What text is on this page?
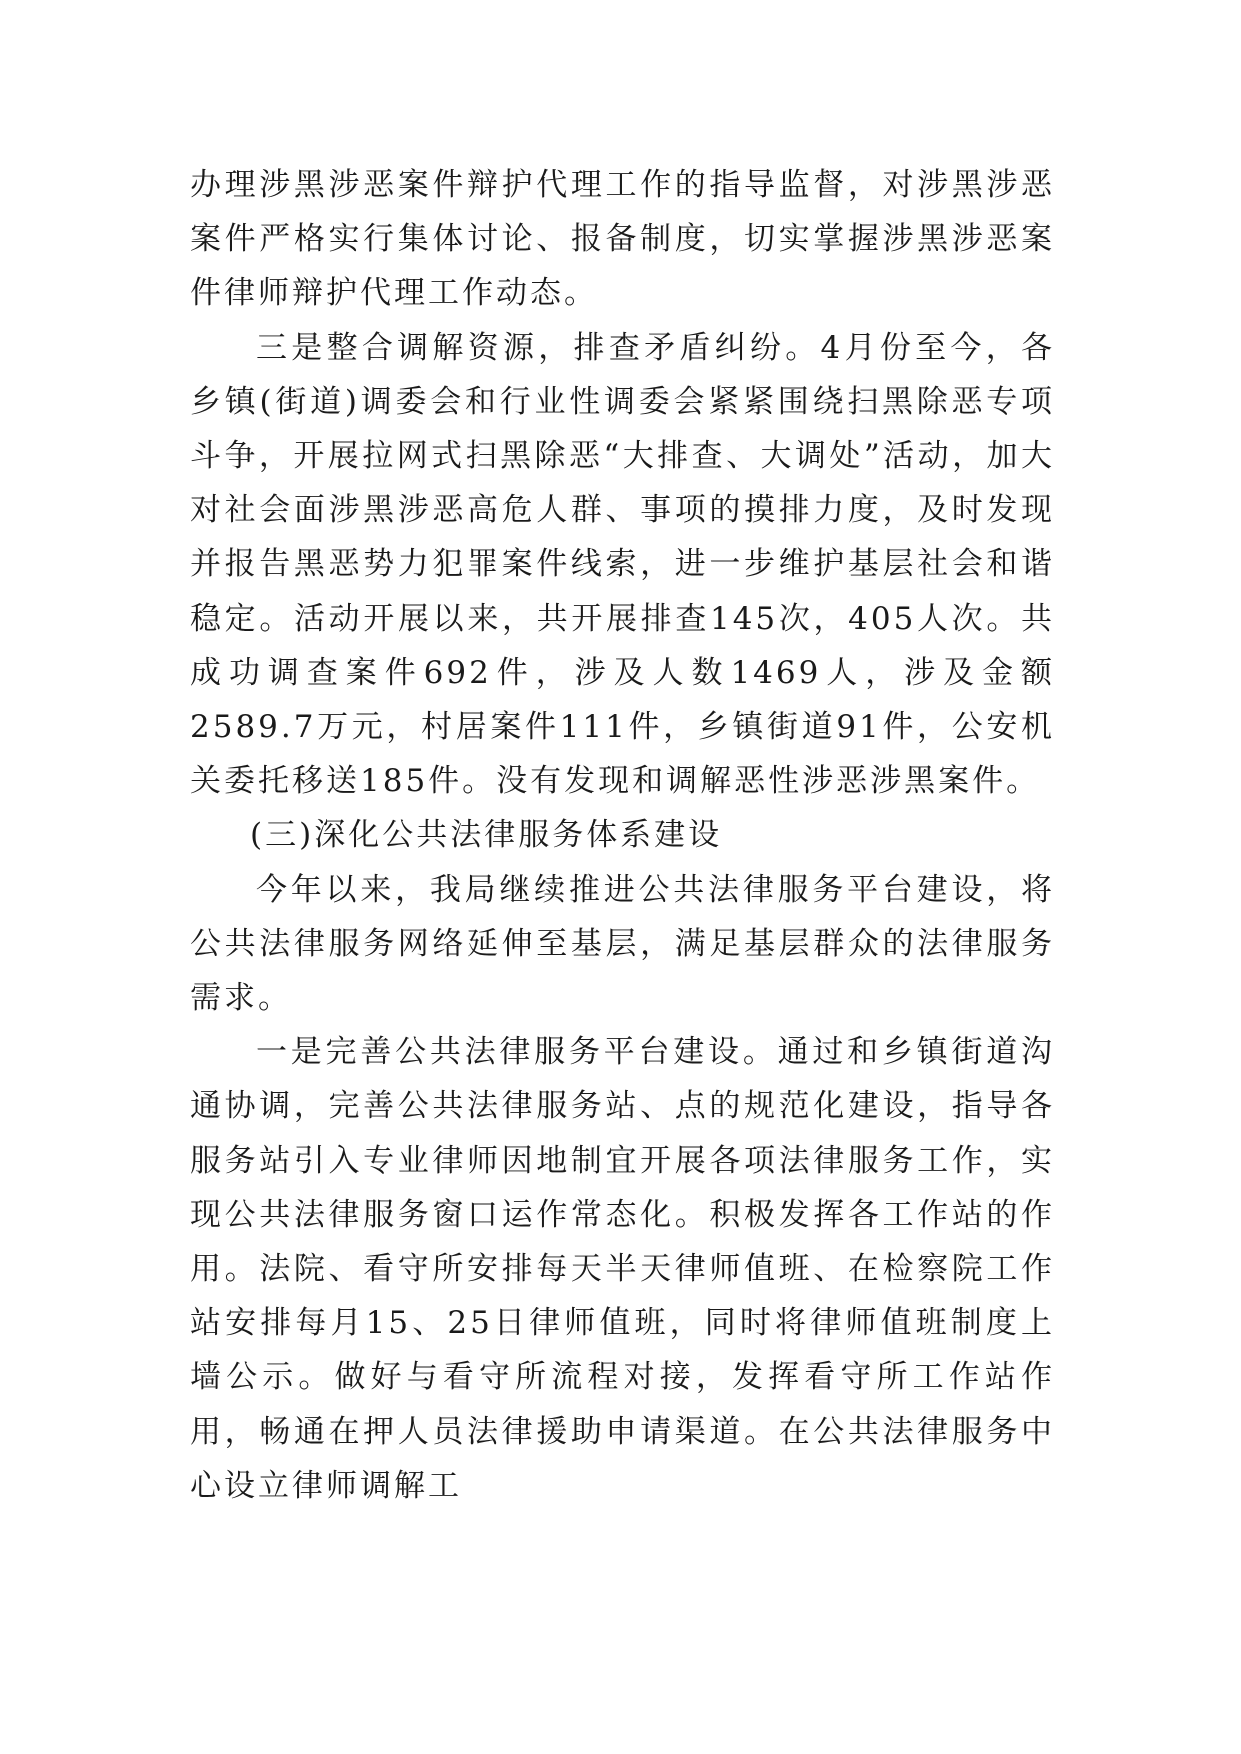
办理涉黑涉恶案件辩护代理工作的指导监督，对涉黑涉恶案件严格实行集体讨论、报备制度，切实掌握涉黑涉恶案件律师辩护代理工作动态。

三是整合调解资源，排查矛盾纠纷。4月份至今，各乡镇(街道)调委会和行业性调委会紧紧围绕扫黑除恶专项斗争，开展拉网式扫黑除恶“大排查、大调处”活动，加大对社会面涉黑涉恶高危人群、事项的摸排力度，及时发现并报告黑恶势力犯罪案件线索，进一步维护基层社会和谐稳定。活动开展以来，共开展排查145次，405人次。共成功调查案件692件，涉及人数1469人，涉及金额2589.7万元，村居案件111件，乡镇街道91件，公安机关委托移送185件。没有发现和调解恶性涉恶涉黑案件。

(三)深化公共法律服务体系建设

今年以来，我局继续推进公共法律服务平台建设，将公共法律服务网络延伸至基层，满足基层群众的法律服务需求。

一是完善公共法律服务平台建设。通过和乡镇街道沟通协调，完善公共法律服务站、点的规范化建设，指导各服务站引入专业律师因地制宜开展各项法律服务工作，实现公共法律服务窗口运作常态化。积极发挥各工作站的作用。法院、看守所安排每天半天律师值班、在检察院工作站安排每月15、25日律师值班，同时将律师值班制度上墙公示。做好与看守所流程对接，发挥看守所工作站作用，畅通在押人员法律援助申请渠道。在公共法律服务中心设立律师调解工
